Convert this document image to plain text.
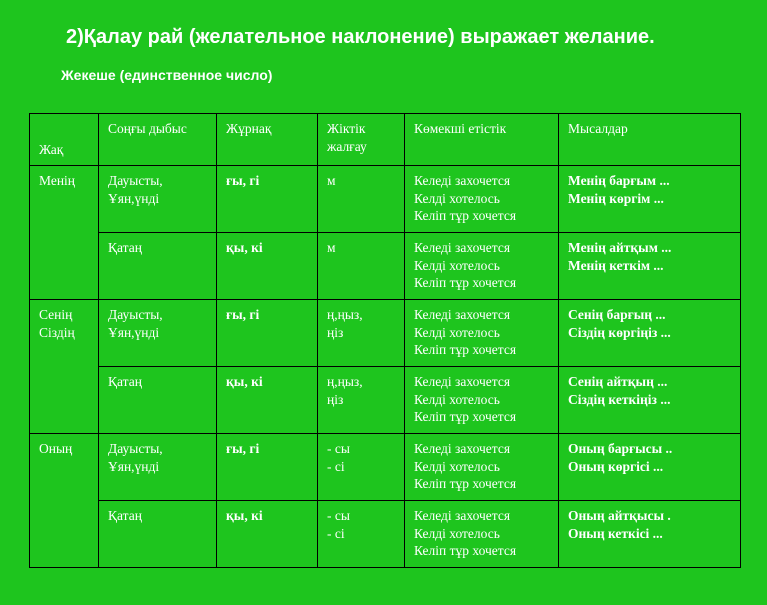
2)Қалау рай (желательное наклонение) выражает желание.
Жекеше (единственное число)
Жақ	Соңғы дыбыс	Жұрнақ	Жіктік жалғау	Көмекші етістік	Мысалдар

Менің	Дауысты,
Ұян,үнді	ғы, гі	м	Келеді захочется
Келді хотелось
Келіп тұр хочется	Менің барғым ...
Менің көргім ...

	Қатаң	қы, кі	м	Келеді захочется
Келді хотелось
Келіп тұр хочется	Менің айтқым ...
Менің кеткім ...

Сенің
Сіздің	Дауысты,
Ұян,үнді	ғы, гі	ң,ңыз,
ңіз	Келеді захочется
Келді хотелось
Келіп тұр хочется	Сенің барғың ...
Сіздің көргіңіз ...

	Қатаң	қы, кі	ң,ңыз,
ңіз	Келеді захочется
Келді хотелось
Келіп тұр хочется	Сенің айтқың ...
Сіздің кеткіңіз ...

Оның	Дауысты,
Ұян,үнді	ғы, гі	- сы
- сі	Келеді захочется
Келді хотелось
Келіп тұр хочется	Оның барғысы ..
Оның көргісі ...

	Қатаң	қы, кі	- сы
- сі	Келеді захочется
Келді хотелось
Келіп тұр хочется	Оның айтқысы .
Оның кеткісі ...
